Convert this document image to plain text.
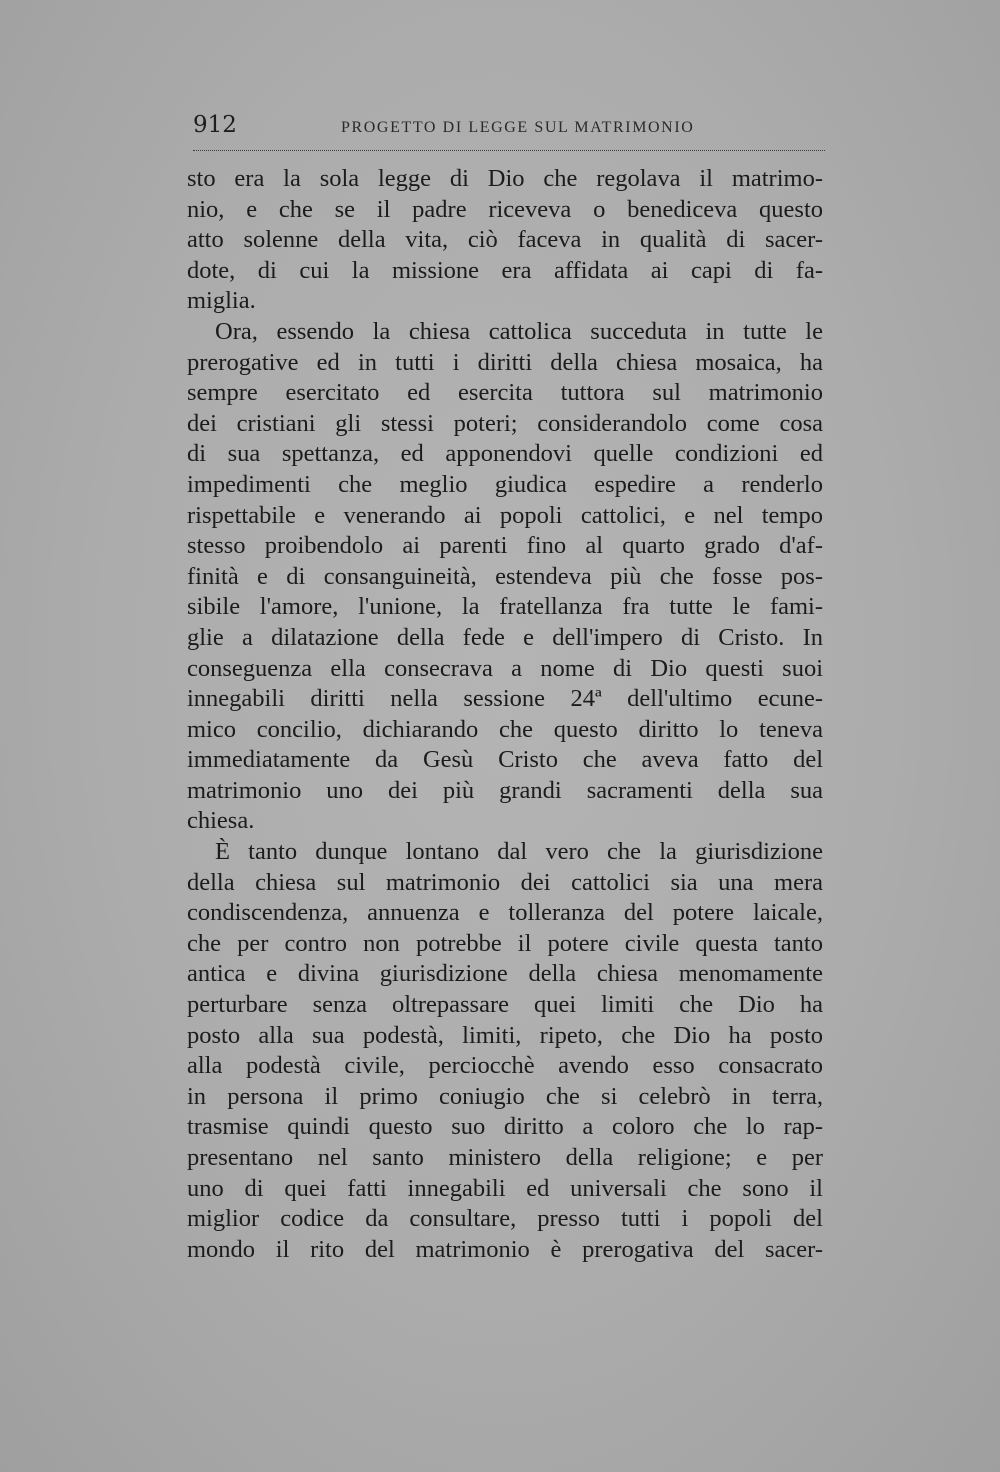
912	PROGETTO DI LEGGE SUL MATRIMONIO
sto era la sola legge di Dio che regolava il matrimo-
nio, e che se il padre riceveva o benediceva questo
atto solenne della vita, ciò faceva in qualità di sacer-
dote, di cui la missione era affidata ai capi di fa-
miglia.
Ora, essendo la chiesa cattolica succeduta in tutte le
prerogative ed in tutti i diritti della chiesa mosaica, ha
sempre esercitato ed esercita tuttora sul matrimonio
dei cristiani gli stessi poteri; considerandolo come cosa
di sua spettanza, ed apponendovi quelle condizioni ed
impedimenti che meglio giudica espedire a renderlo
rispettabile e venerando ai popoli cattolici, e nel tempo
stesso proibendolo ai parenti fino al quarto grado d'af-
finità e di consanguineità, estendeva più che fosse pos-
sibile l'amore, l'unione, la fratellanza fra tutte le fami-
glie a dilatazione della fede e dell'impero di Cristo. In
conseguenza ella consecrava a nome di Dio questi suoi
innegabili diritti nella sessione 24ª dell'ultimo ecune-
mico concilio, dichiarando che questo diritto lo teneva
immediatamente da Gesù Cristo che aveva fatto del
matrimonio uno dei più grandi sacramenti della sua
chiesa.
È tanto dunque lontano dal vero che la giurisdizione
della chiesa sul matrimonio dei cattolici sia una mera
condiscendenza, annuenza e tolleranza del potere laicale,
che per contro non potrebbe il potere civile questa tanto
antica e divina giurisdizione della chiesa menomamente
perturbare senza oltrepassare quei limiti che Dio ha
posto alla sua podestà, limiti, ripeto, che Dio ha posto
alla podestà civile, perciocchè avendo esso consacrato
in persona il primo coniugio che si celebrò in terra,
trasmise quindi questo suo diritto a coloro che lo rap-
presentano nel santo ministero della religione; e per
uno di quei fatti innegabili ed universali che sono il
miglior codice da consultare, presso tutti i popoli del
mondo il rito del matrimonio è prerogativa del sacer-
